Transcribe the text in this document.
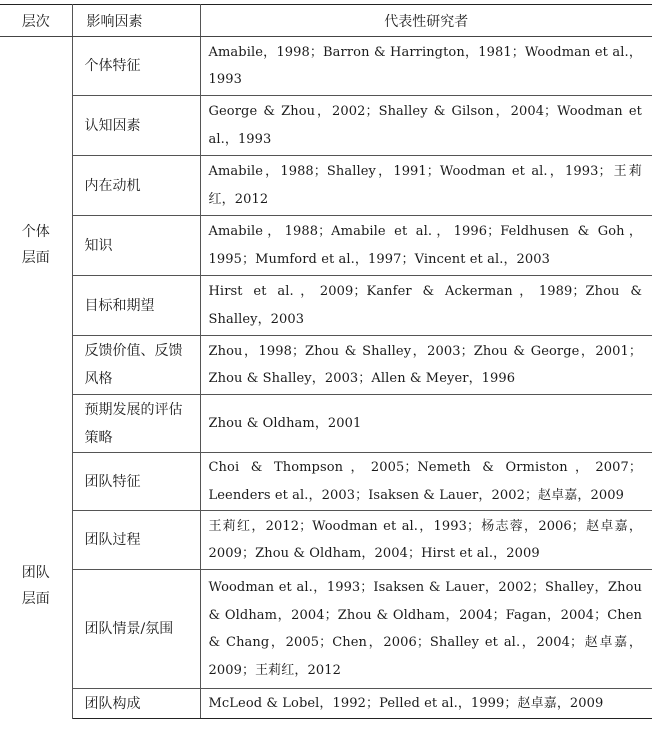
层次	影响因素	代表性研究者
个体
层面	个体特征	Amabile，1998；Barron & Harrington，1981；Woodman et al.，1993
	认知因素	George & Zhou，2002；Shalley & Gilson，2004；Woodman et al.，1993
	内在动机	Amabile，1988；Shalley，1991；Woodman et al.，1993；王莉红，2012
	知识	Amabile，1988；Amabile et al.，1996；Feldhusen & Goh，1995；Mumford et al.，1997；Vincent et al.，2003
	目标和期望	Hirst et al.，2009；Kanfer & Ackerman，1989；Zhou & Shalley，2003
	反馈价值、反馈风格	Zhou，1998；Zhou & Shalley，2003；Zhou & George，2001；Zhou & Shalley，2003；Allen & Meyer，1996
	预期发展的评估策略	Zhou & Oldham，2001
团队
层面	团队特征	Choi & Thompson，2005；Nemeth & Ormiston，2007；Leenders et al.，2003；Isaksen & Lauer，2002；赵卓嘉，2009
	团队过程	王莉红，2012；Woodman et al.，1993；杨志蓉，2006；赵卓嘉，2009；Zhou & Oldham，2004；Hirst et al.，2009
	团队情景/氛围	Woodman et al.，1993；Isaksen & Lauer，2002；Shalley，Zhou & Oldham，2004；Zhou & Oldham，2004；Fagan，2004；Chen & Chang，2005；Chen，2006；Shalley et al.，2004；赵卓嘉，2009；王莉红，2012
	团队构成	McLeod & Lobel，1992；Pelled et al.，1999；赵卓嘉，2009
